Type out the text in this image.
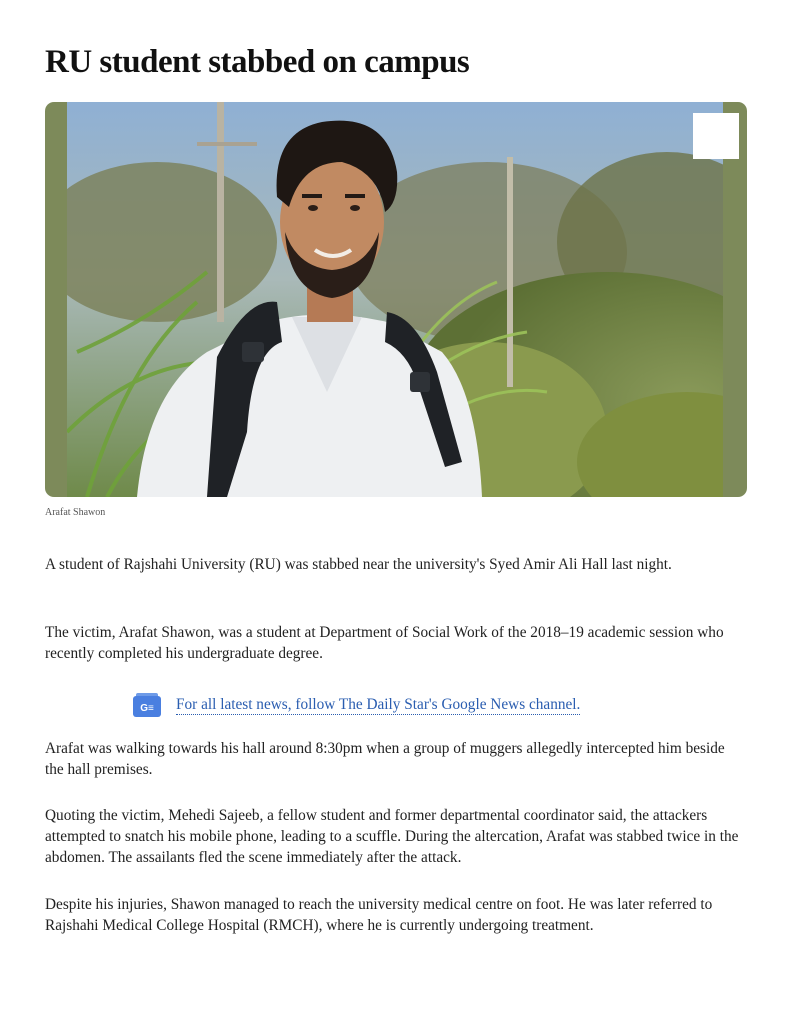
RU student stabbed on campus
Arafat Shawon

A student of Rajshahi University (RU) was stabbed near the university's Syed Amir Ali Hall last night.

The victim, Arafat Shawon, was a student at Department of Social Work of the 2018–19 academic session who recently completed his undergraduate degree.

G≡ For all latest news, follow The Daily Star's Google News channel.

Arafat was walking towards his hall around 8:30pm when a group of muggers allegedly intercepted him beside the hall premises.

Quoting the victim, Mehedi Sajeeb, a fellow student and former departmental coordinator said, the attackers attempted to snatch his mobile phone, leading to a scuffle. During the altercation, Arafat was stabbed twice in the abdomen. The assailants fled the scene immediately after the attack.

Despite his injuries, Shawon managed to reach the university medical centre on foot. He was later referred to Rajshahi Medical College Hospital (RMCH), where he is currently undergoing treatment.
